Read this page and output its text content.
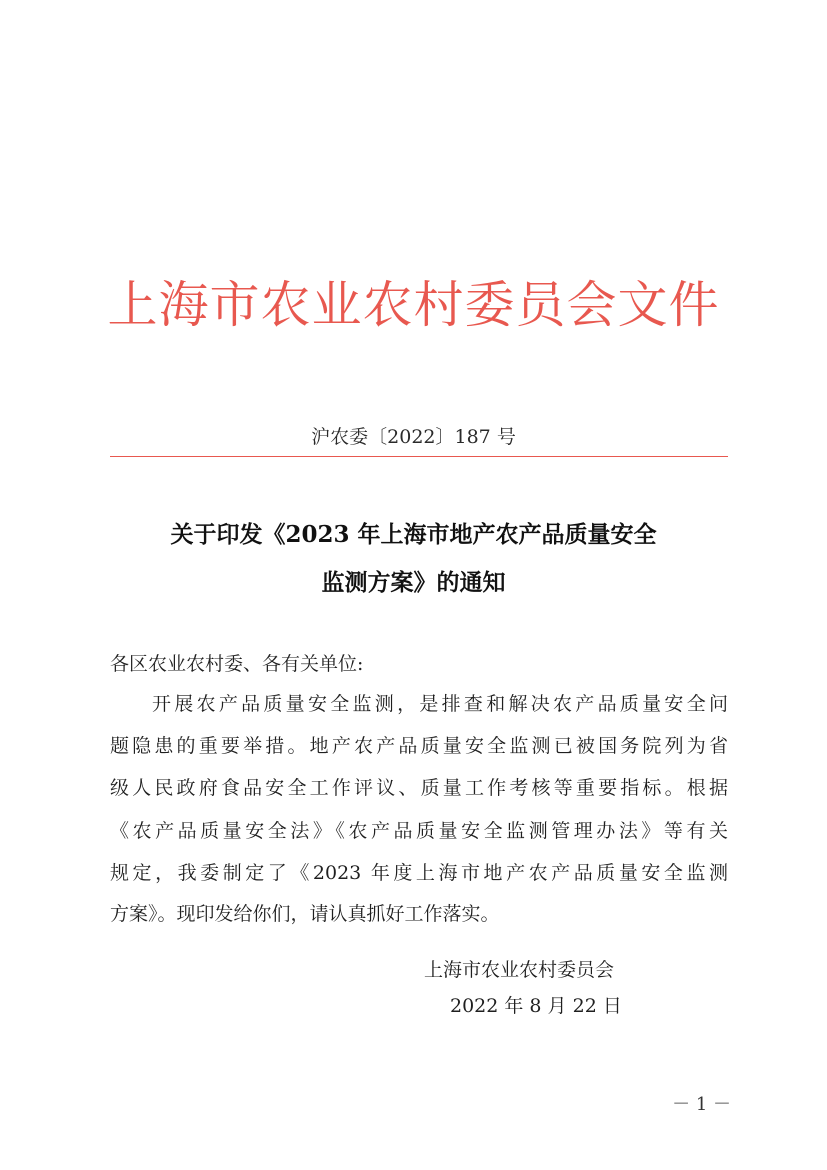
上海市农业农村委员会文件
沪农委〔2022〕187 号
关于印发《2023 年上海市地产农产品质量安全
监测方案》的通知
各区农业农村委、各有关单位:
开展农产品质量安全监测，是排查和解决农产品质量安全问
题隐患的重要举措。地产农产品质量安全监测已被国务院列为省
级人民政府食品安全工作评议、质量工作考核等重要指标。根据
《农产品质量安全法》《农产品质量安全监测管理办法》等有关
规定，我委制定了《2023 年度上海市地产农产品质量安全监测
方案》。现印发给你们，请认真抓好工作落实。
上海市农业农村委员会
2022 年 8 月 22 日
－ 1 －
